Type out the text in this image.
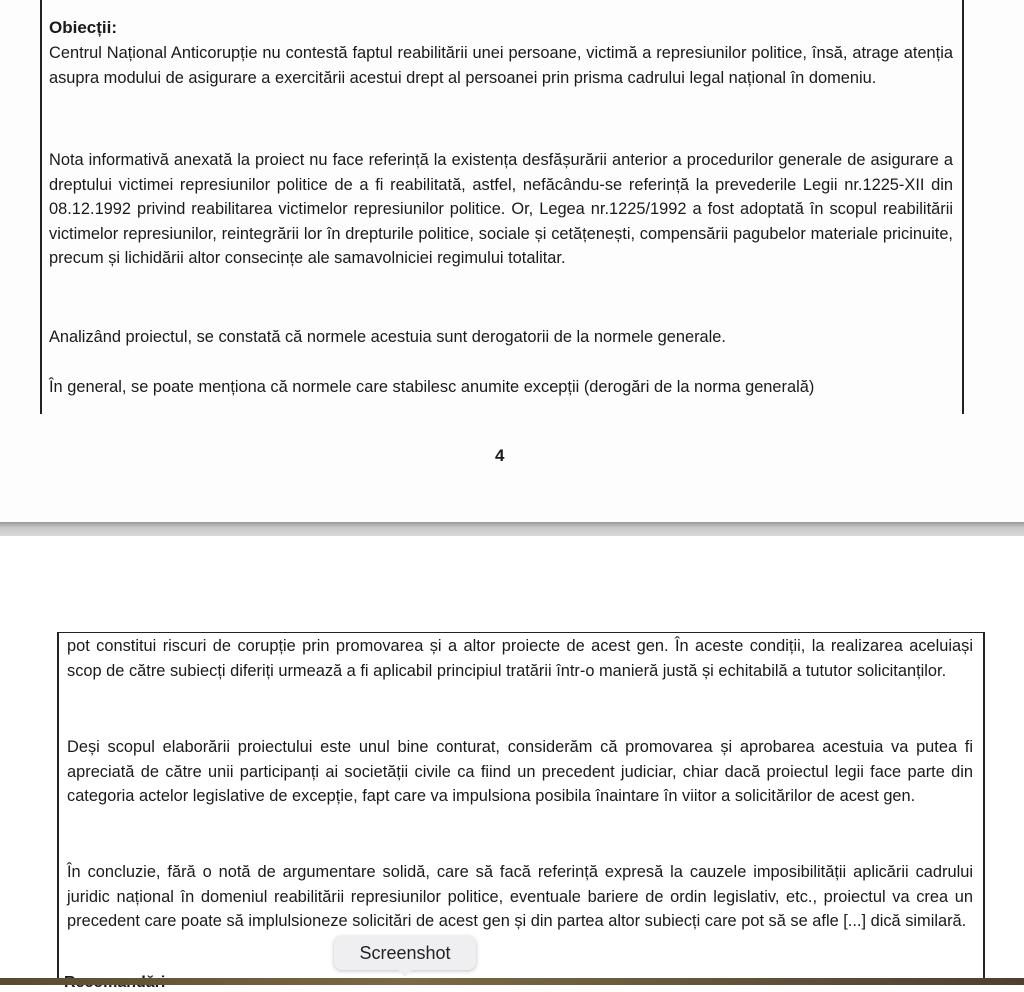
Obiecții:

Centrul Național Anticorupție nu contestă faptul reabilitării unei persoane, victimă a represiunilor politice, însă, atrage atenția asupra modului de asigurare a exercitării acestui drept al persoanei prin prisma cadrului legal național în domeniu.

Nota informativă anexată la proiect nu face referință la existența desfășurării anterior a procedurilor generale de asigurare a dreptului victimei represiunilor politice de a fi reabilitată, astfel, nefăcându-se referință la prevederile Legii nr.1225-XII din 08.12.1992 privind reabilitarea victimelor represiunilor politice. Or, Legea nr.1225/1992 a fost adoptată în scopul reabilitării victimelor represiunilor, reintegrării lor în drepturile politice, sociale și cetățenești, compensării pagubelor materiale pricinuite, precum și lichidării altor consecințe ale samavolniciei regimului totalitar.

Analizând proiectul, se constată că normele acestuia sunt derogatorii de la normele generale.

În general, se poate menționa că normele care stabilesc anumite excepții (derogări de la norma generală)

4

pot constitui riscuri de corupție prin promovarea și a altor proiecte de acest gen. În aceste condiții, la realizarea aceluiași scop de către subiecți diferiți urmează a fi aplicabil principiul tratării într-o manieră justă și echitabilă a tututor solicitanților.

Deși scopul elaborării proiectului este unul bine conturat, considerăm că promovarea și aprobarea acestuia va putea fi apreciată de către unii participanți ai societății civile ca fiind un precedent judiciar, chiar dacă proiectul legii face parte din categoria actelor legislative de excepție, fapt care va impulsiona posibila înaintare în viitor a solicitărilor de acest gen.

În concluzie, fără o notă de argumentare solidă, care să facă referință expresă la cauzele imposibilității aplicării cadrului juridic național în domeniul reabilitării represiunilor politice, eventuale bariere de ordin legislativ, etc., proiectul va crea un precedent care poate să implulsioneze solicitări de acest gen și din partea altor subiecți care pot să se afle [...] dică similară.

Screenshot
